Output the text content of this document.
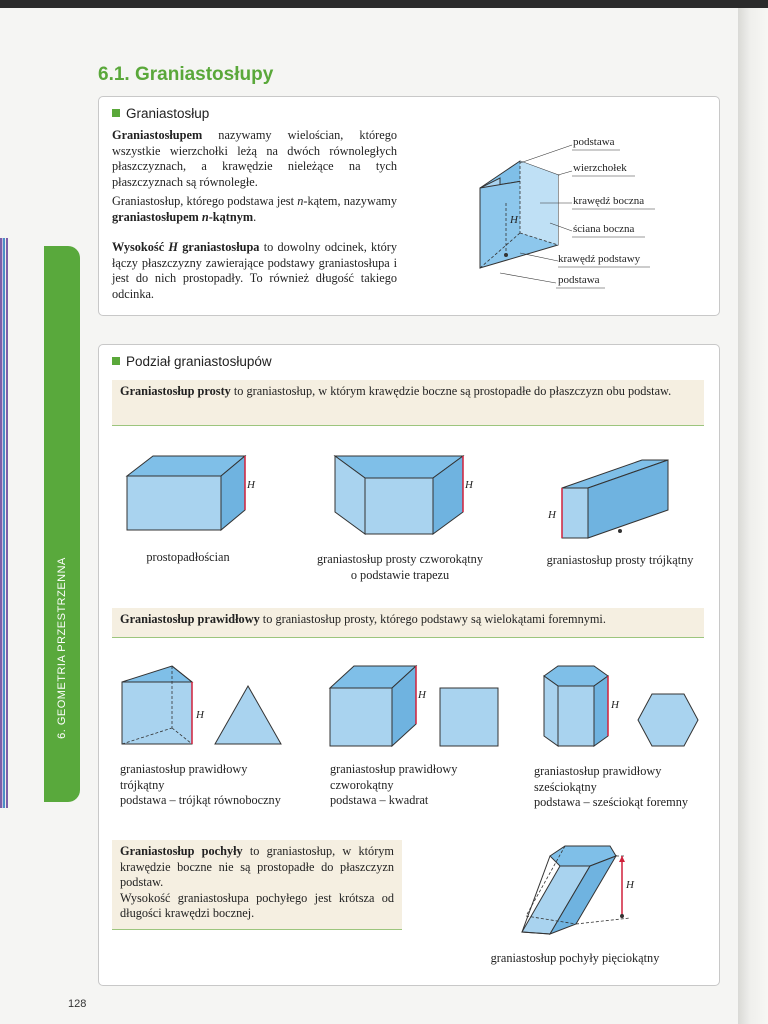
6. GEOMETRIA PRZESTRZENNA
6.1. Graniastosłupy
Graniastosłup
Graniastosłupem nazywamy wielościan, którego wszystkie wierzchołki leżą na dwóch równoległych płaszczyznach, a krawędzie nieleżące na tych płaszczyznach są równoległe.
Graniastosłup, którego podstawa jest n-kątem, nazywamy graniastosłupem n-kątnym.
Wysokość H graniastosłupa to dowolny odcinek, który łączy płaszczyzny zawierające podstawy graniastosłupa i jest do nich prostopadły. To również długość takiego odcinka.
H
podstawa
wierzchołek
krawędź boczna
ściana boczna
krawędź podstawy
podstawa
Podział graniastosłupów
Graniastosłup prosty to graniastosłup, w którym krawędzie boczne są prostopadłe do płaszczyzn obu podstaw.
H	H
H
prostopadłościan	graniastosłup prosty czworokątny
o podstawie trapezu
graniastosłup prosty trójkątny
Graniastosłup prawidłowy to graniastosłup prosty, którego podstawy są wielokątami foremnymi.
H
H
H
graniastosłup prawidłowy
trójkątny
podstawa – trójkąt równoboczny
graniastosłup prawidłowy
czworokątny
podstawa – kwadrat
graniastosłup prawidłowy
sześciokątny
podstawa – sześciokąt foremny
Graniastosłup pochyły to graniastosłup, w którym krawędzie boczne nie są prostopadłe do płaszczyzn podstaw.
Wysokość graniastosłupa pochyłego jest krótsza od długości krawędzi bocznej.
H
graniastosłup pochyły pięciokątny
128
